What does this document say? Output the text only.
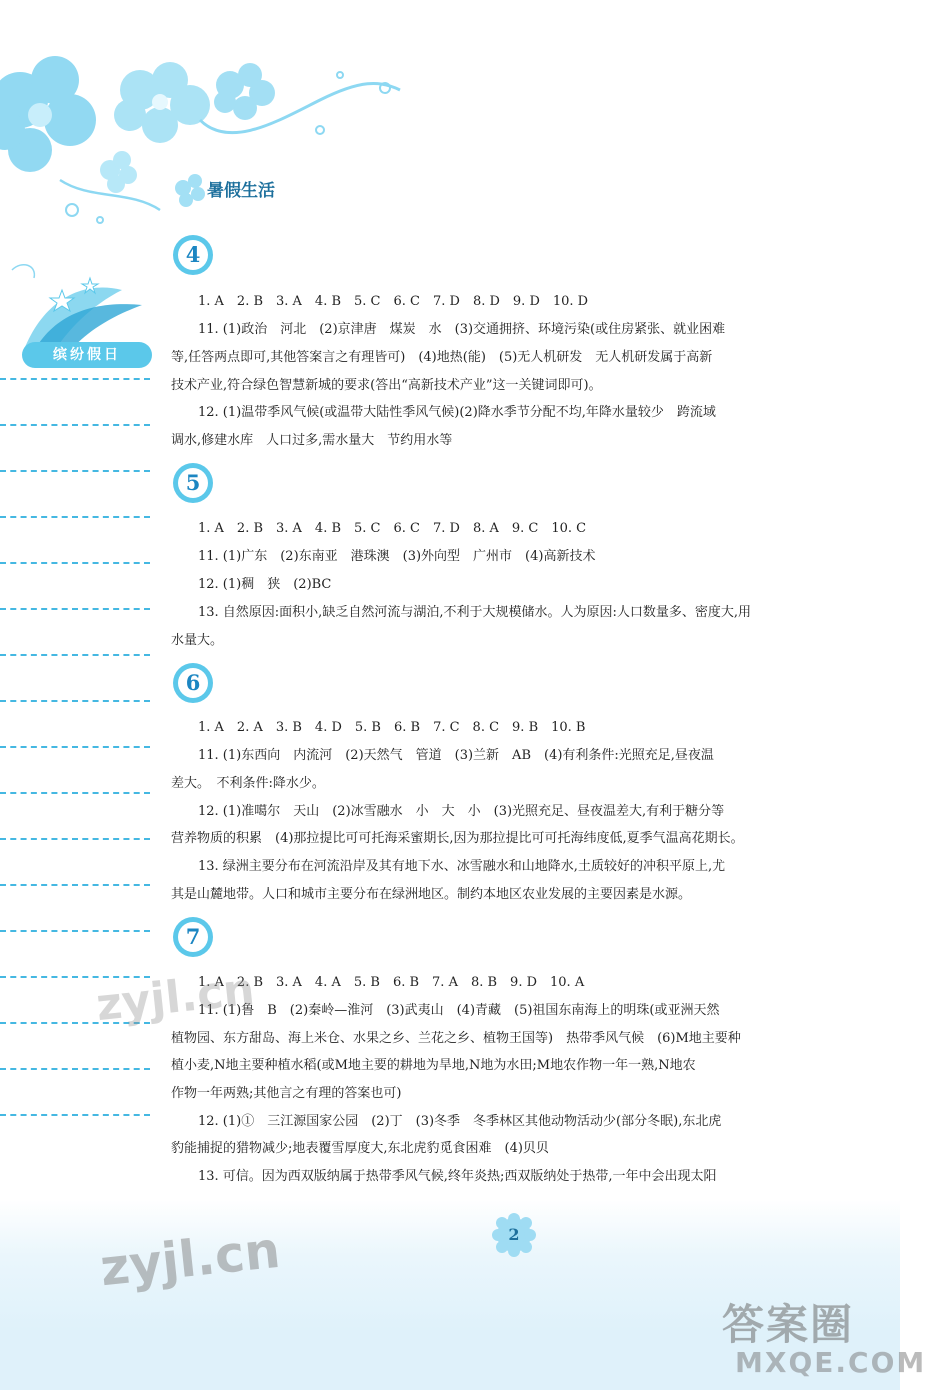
暑假生活
缤纷假日
4
1. A　2. B　3. A　4. B　5. C　6. C　7. D　8. D　9. D　10. D
11. (1)政治　河北　(2)京津唐　煤炭　水　(3)交通拥挤、环境污染(或住房紧张、就业困难
等,任答两点即可,其他答案言之有理皆可)　(4)地热(能)　(5)无人机研发　无人机研发属于高新
技术产业,符合绿色智慧新城的要求(答出“高新技术产业”这一关键词即可)。
12. (1)温带季风气候(或温带大陆性季风气候)(2)降水季节分配不均,年降水量较少　跨流域
调水,修建水库　人口过多,需水量大　节约用水等
5
1. A　2. B　3. A　4. B　5. C　6. C　7. D　8. A　9. C　10. C
11. (1)广东　(2)东南亚　港珠澳　(3)外向型　广州市　(4)高新技术
12. (1)稠　狭　(2)BC
13. 自然原因:面积小,缺乏自然河流与湖泊,不利于大规模储水。人为原因:人口数量多、密度大,用
水量大。
6
1. A　2. A　3. B　4. D　5. B　6. B　7. C　8. C　9. B　10. B
11. (1)东西向　内流河　(2)天然气　管道　(3)兰新　AB　(4)有利条件:光照充足,昼夜温
差大。　不利条件:降水少。
12. (1)准噶尔　天山　(2)冰雪融水　小　大　小　(3)光照充足、昼夜温差大,有利于糖分等
营养物质的积累　(4)那拉提比可可托海采蜜期长,因为那拉提比可可托海纬度低,夏季气温高花期长。
13. 绿洲主要分布在河流沿岸及其有地下水、冰雪融水和山地降水,土质较好的冲积平原上,尤
其是山麓地带。人口和城市主要分布在绿洲地区。制约本地区农业发展的主要因素是水源。
7
1. A　2. B　3. A　4. A　5. B　6. B　7. A　8. B　9. D　10. A
11. (1)鲁　B　(2)秦岭—淮河　(3)武夷山　(4)青藏　(5)祖国东南海上的明珠(或亚洲天然
植物园、东方甜岛、海上米仓、水果之乡、兰花之乡、植物王国等)　热带季风气候　(6)M地主要种
植小麦,N地主要种植水稻(或M地主要的耕地为旱地,N地为水田;M地农作物一年一熟,N地农
作物一年两熟;其他言之有理的答案也可)
12. (1)①　三江源国家公园　(2)丁　(3)冬季　冬季林区其他动物活动少(部分冬眠),东北虎
豹能捕捉的猎物减少;地表覆雪厚度大,东北虎豹觅食困难　(4)贝贝
13. 可信。因为西双版纳属于热带季风气候,终年炎热;西双版纳处于热带,一年中会出现太阳
zyjl.cn
2
zyjl.cn
答案圈
MXQE.COM
